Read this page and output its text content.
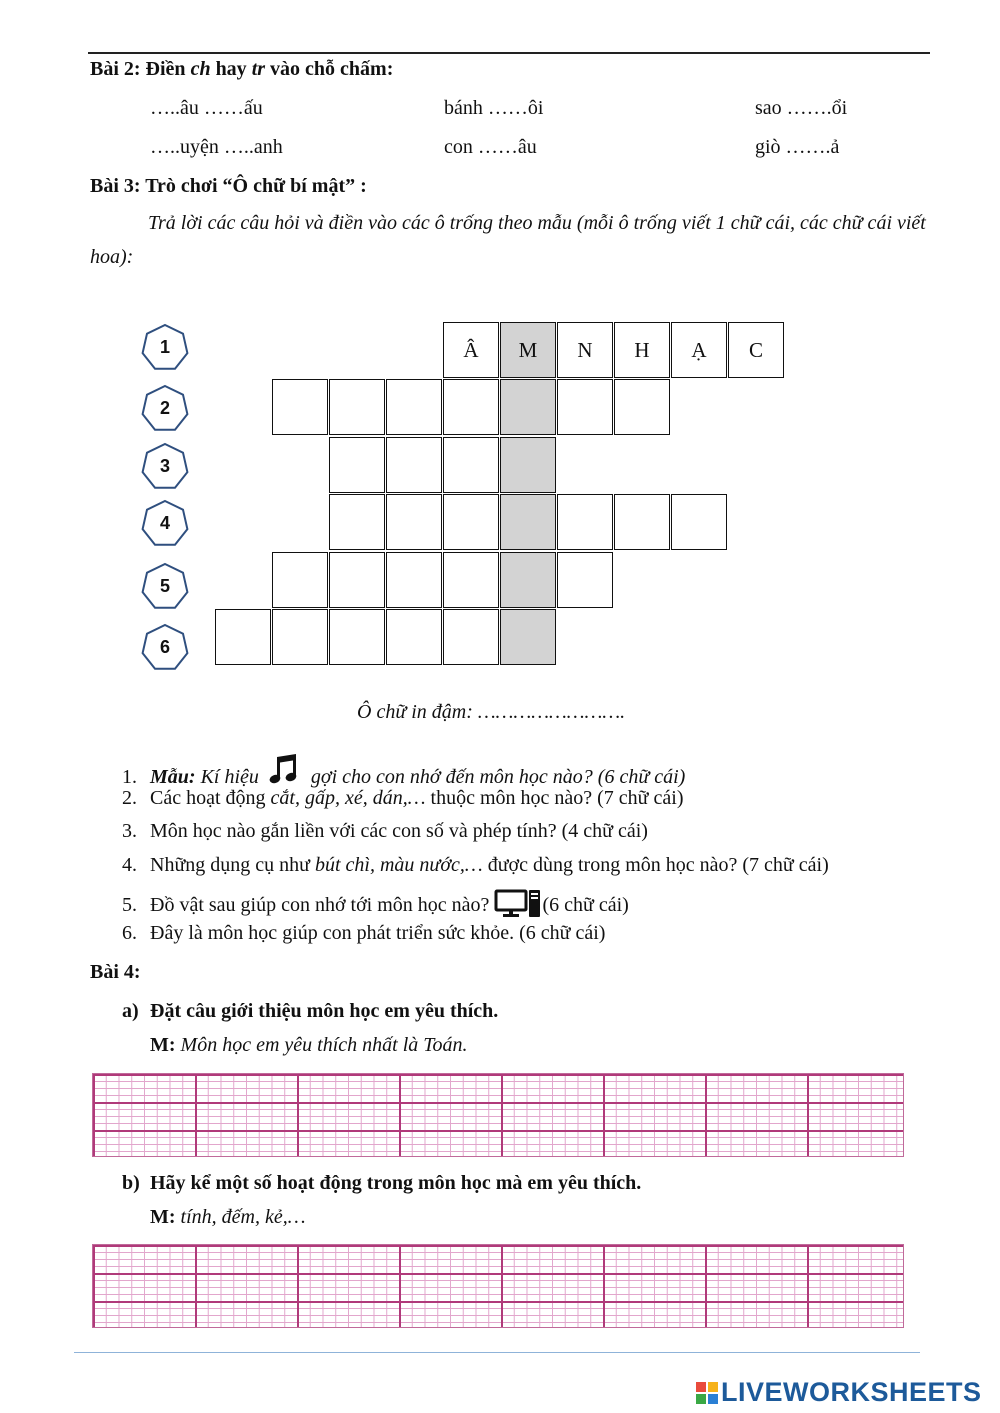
Bài 2: Điền ch hay tr vào chỗ chấm:
…..âu ……ấu	bánh ……ôi	sao …….ổi
…..uyện …..anh	con ……âu	giò …….ả
Bài 3: Trò chơi “Ô chữ bí mật” :
Trả lời các câu hỏi và điền vào các ô trống theo mẫu (mỗi ô trống viết 1 chữ cái, các chữ cái viết hoa):
Â	M	N	H	Ạ	C
1
2
3
4
5
6
Ô chữ in đậm: …………………….
1. Mẫu: Kí hiệu  gợi cho con nhớ đến môn học nào? (6 chữ cái)
2. Các hoạt động cắt, gấp, xé, dán,… thuộc môn học nào? (7 chữ cái)
3. Môn học nào gắn liền với các con số và phép tính? (4 chữ cái)
4. Những dụng cụ như bút chì, màu nước,… được dùng trong môn học nào? (7 chữ cái)
5. Đồ vật sau giúp con nhớ tới môn học nào? (6 chữ cái)
6. Đây là môn học giúp con phát triển sức khỏe. (6 chữ cái)
Bài 4:
a) Đặt câu giới thiệu môn học em yêu thích.
M: Môn học em yêu thích nhất là Toán.
b) Hãy kể một số hoạt động trong môn học mà em yêu thích.
M: tính, đếm, kẻ,…
LIVEWORKSHEETS
